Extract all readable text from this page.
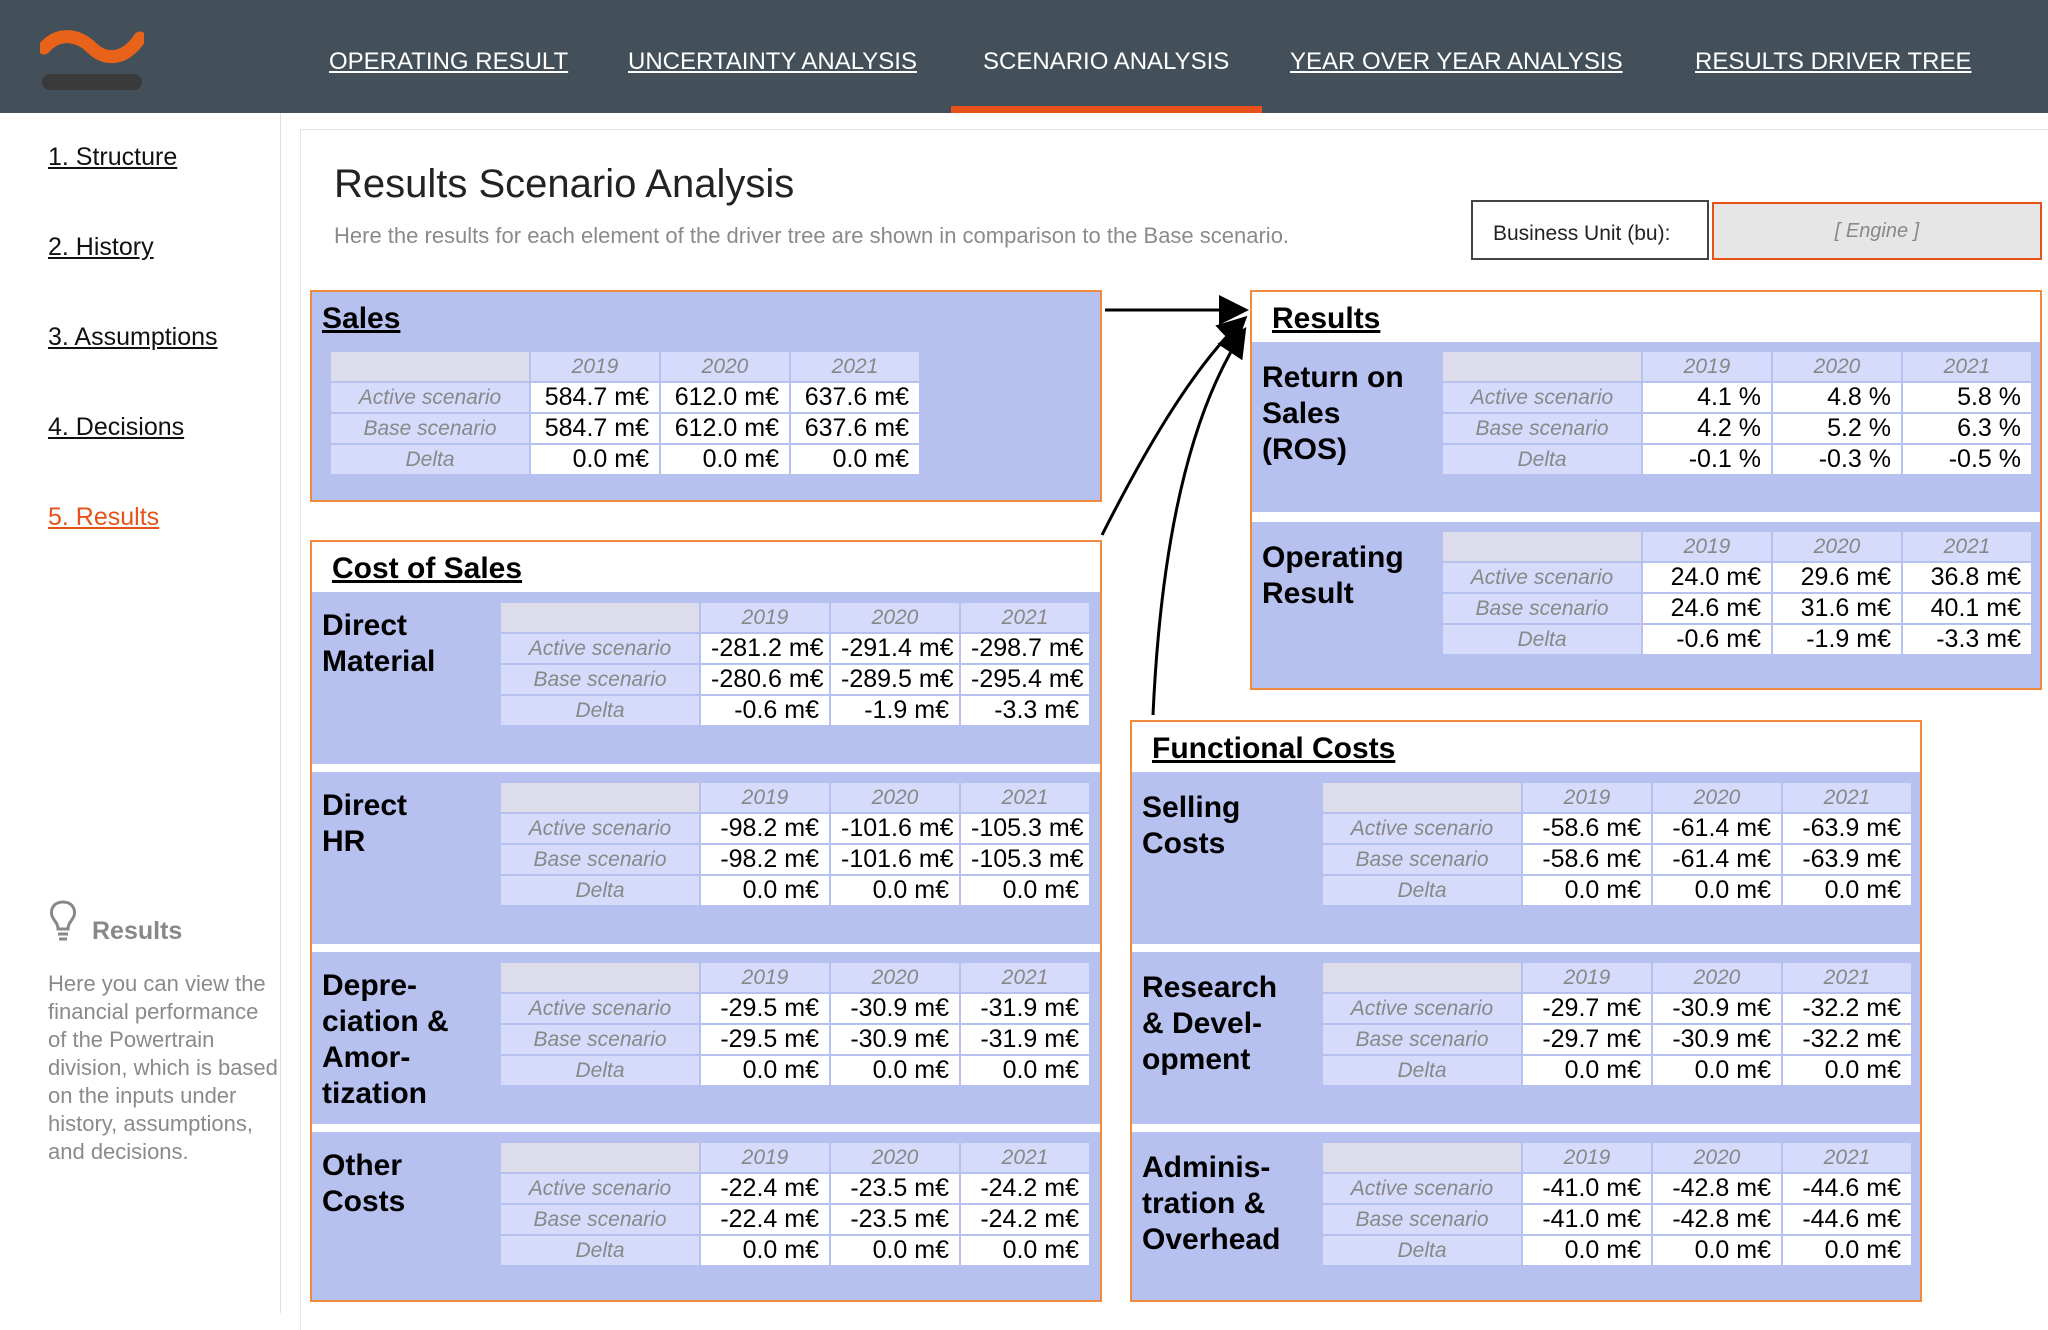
OPERATING RESULT UNCERTAINTY ANALYSIS	SCENARIO ANALYSIS	YEAR OVER YEAR ANALYSIS	RESULTS DRIVER TREE
1. Structure
2. History
3. Assumptions
4. Decisions
5. Results
Results
Here you can view the financial performance of the Powertrain division, which is based on the inputs under history, assumptions, and decisions.
Results Scenario Analysis
Here the results for each element of the driver tree are shown in comparison to the Base scenario.	Business Unit (bu):	[ Engine ]
Sales
	2019	2020	2021
Active scenario	584.7 m€	612.0 m€	637.6 m€
Base scenario	584.7 m€	612.0 m€	637.6 m€
Delta	0.0 m€	0.0 m€	0.0 m€
Cost of Sales
Direct Material
	2019	2020	2021
Active scenario	-281.2 m€	-291.4 m€	-298.7 m€
Base scenario	-280.6 m€	-289.5 m€	-295.4 m€
Delta	-0.6 m€	-1.9 m€	-3.3 m€
Direct HR
	2019	2020	2021
Active scenario	-98.2 m€	-101.6 m€	-105.3 m€
Base scenario	-98.2 m€	-101.6 m€	-105.3 m€
Delta	0.0 m€	0.0 m€	0.0 m€
Depre-ciation & Amor-tization
	2019	2020	2021
Active scenario	-29.5 m€	-30.9 m€	-31.9 m€
Base scenario	-29.5 m€	-30.9 m€	-31.9 m€
Delta	0.0 m€	0.0 m€	0.0 m€
Other Costs
	2019	2020	2021
Active scenario	-22.4 m€	-23.5 m€	-24.2 m€
Base scenario	-22.4 m€	-23.5 m€	-24.2 m€
Delta	0.0 m€	0.0 m€	0.0 m€
Results
Return on Sales (ROS)
	2019	2020	2021
Active scenario	4.1 %	4.8 %	5.8 %
Base scenario	4.2 %	5.2 %	6.3 %
Delta	-0.1 %	-0.3 %	-0.5 %
Operating Result
	2019	2020	2021
Active scenario	24.0 m€	29.6 m€	36.8 m€
Base scenario	24.6 m€	31.6 m€	40.1 m€
Delta	-0.6 m€	-1.9 m€	-3.3 m€
Functional Costs
Selling Costs
	2019	2020	2021
Active scenario	-58.6 m€	-61.4 m€	-63.9 m€
Base scenario	-58.6 m€	-61.4 m€	-63.9 m€
Delta	0.0 m€	0.0 m€	0.0 m€
Research & Devel-opment
	2019	2020	2021
Active scenario	-29.7 m€	-30.9 m€	-32.2 m€
Base scenario	-29.7 m€	-30.9 m€	-32.2 m€
Delta	0.0 m€	0.0 m€	0.0 m€
Adminis-tration & Overhead
	2019	2020	2021
Active scenario	-41.0 m€	-42.8 m€	-44.6 m€
Base scenario	-41.0 m€	-42.8 m€	-44.6 m€
Delta	0.0 m€	0.0 m€	0.0 m€
